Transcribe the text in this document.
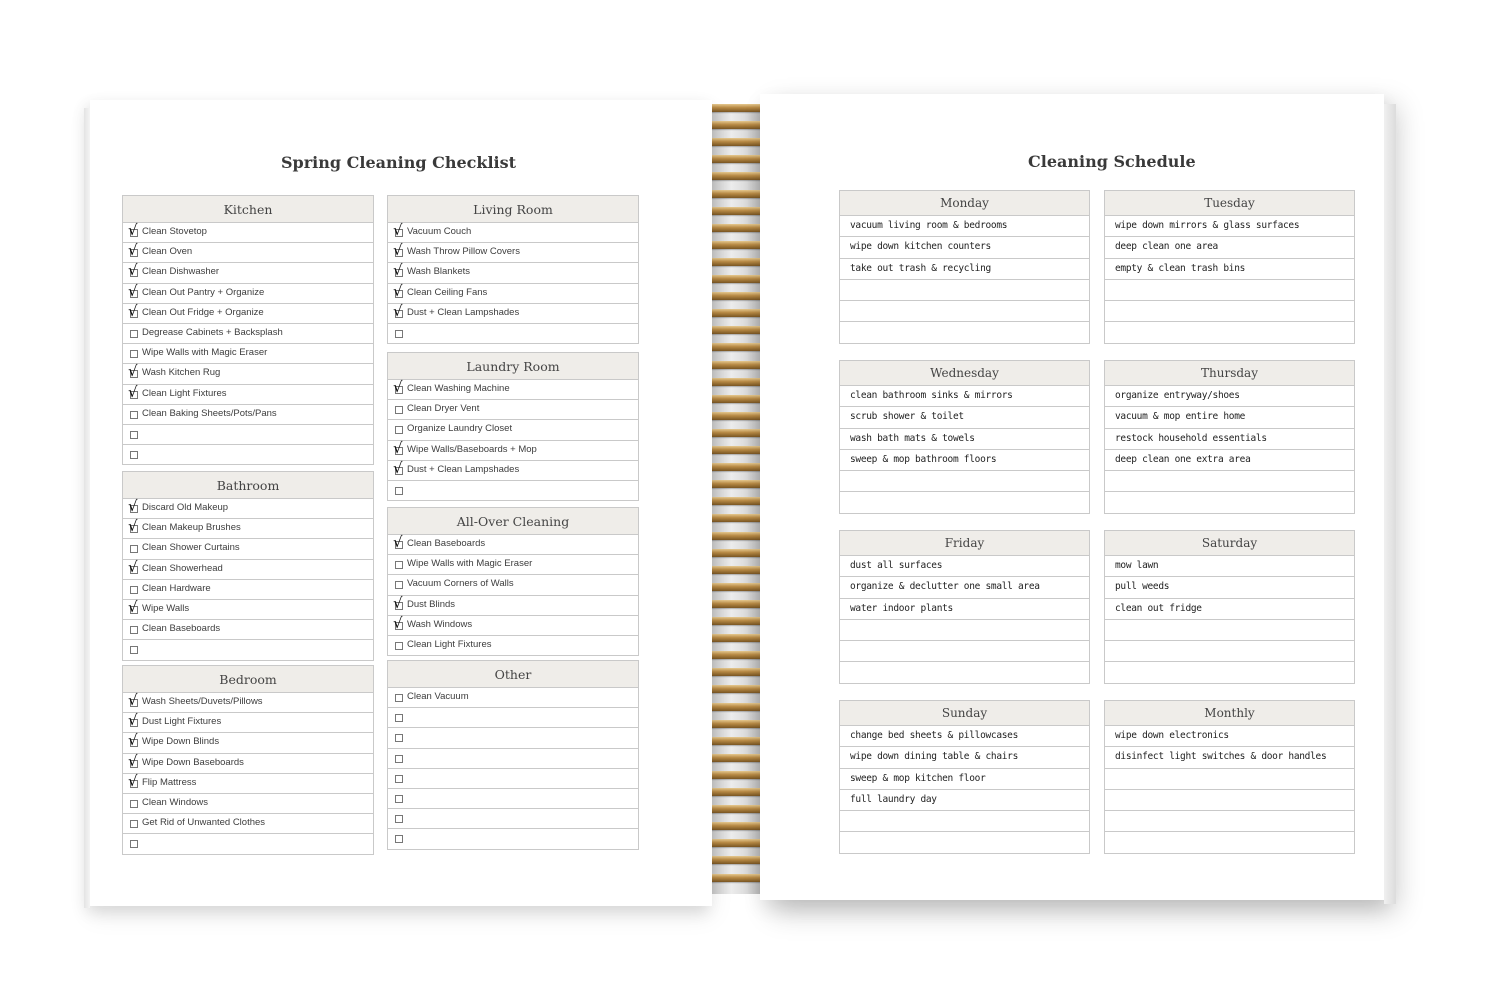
Spring Cleaning Checklist
Kitchen
√ Clean Stovetop
√ Clean Oven
√ Clean Dishwasher
√ Clean Out Pantry + Organize
√ Clean Out Fridge + Organize
Degrease Cabinets + Backsplash
Wipe Walls with Magic Eraser
√ Wash Kitchen Rug
√ Clean Light Fixtures
Clean Baking Sheets/Pots/Pans
Bathroom
√ Discard Old Makeup
√ Clean Makeup Brushes
Clean Shower Curtains
√ Clean Showerhead
Clean Hardware
√ Wipe Walls
Clean Baseboards
Bedroom
√ Wash Sheets/Duvets/Pillows
√ Dust Light Fixtures
√ Wipe Down Blinds
√ Wipe Down Baseboards
√ Flip Mattress
Clean Windows
Get Rid of Unwanted Clothes
Living Room
√ Vacuum Couch
√ Wash Throw Pillow Covers
√ Wash Blankets
√ Clean Ceiling Fans
√ Dust + Clean Lampshades
Laundry Room
√ Clean Washing Machine
Clean Dryer Vent
Organize Laundry Closet
√ Wipe Walls/Baseboards + Mop
√ Dust + Clean Lampshades
All-Over Cleaning
√ Clean Baseboards
Wipe Walls with Magic Eraser
Vacuum Corners of Walls
√ Dust Blinds
√ Wash Windows
Clean Light Fixtures
Other
Clean Vacuum
Cleaning Schedule
Monday
vacuum living room & bedrooms
wipe down kitchen counters
take out trash & recycling
Tuesday
wipe down mirrors & glass surfaces
deep clean one area
empty & clean trash bins
Wednesday
clean bathroom sinks & mirrors
scrub shower & toilet
wash bath mats & towels
sweep & mop bathroom floors
Thursday
organize entryway/shoes
vacuum & mop entire home
restock household essentials
deep clean one extra area
Friday
dust all surfaces
organize & declutter one small area
water indoor plants
Saturday
mow lawn
pull weeds
clean out fridge
Sunday
change bed sheets & pillowcases
wipe down dining table & chairs
sweep & mop kitchen floor
full laundry day
Monthly
wipe down electronics
disinfect light switches & door handles
